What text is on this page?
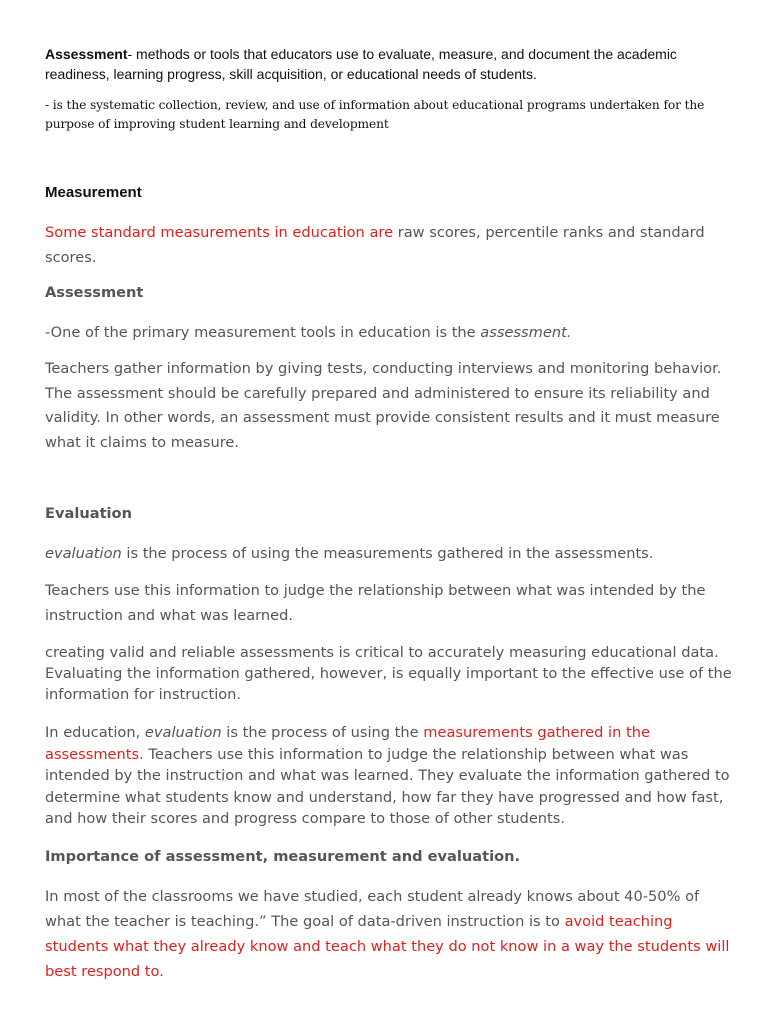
Assessment- methods or tools that educators use to evaluate, measure, and document the academic readiness, learning progress, skill acquisition, or educational needs of students.

- is the systematic collection, review, and use of information about educational programs undertaken for the purpose of improving student learning and development

Measurement

Some standard measurements in education are raw scores, percentile ranks and standard scores.

Assessment

-One of the primary measurement tools in education is the assessment.

Teachers gather information by giving tests, conducting interviews and monitoring behavior. The assessment should be carefully prepared and administered to ensure its reliability and validity. In other words, an assessment must provide consistent results and it must measure what it claims to measure.

Evaluation

evaluation is the process of using the measurements gathered in the assessments.

Teachers use this information to judge the relationship between what was intended by the instruction and what was learned.

creating valid and reliable assessments is critical to accurately measuring educational data. Evaluating the information gathered, however, is equally important to the effective use of the information for instruction.

In education, evaluation is the process of using the measurements gathered in the assessments. Teachers use this information to judge the relationship between what was intended by the instruction and what was learned. They evaluate the information gathered to determine what students know and understand, how far they have progressed and how fast, and how their scores and progress compare to those of other students.

Importance of assessment, measurement and evaluation.

In most of the classrooms we have studied, each student already knows about 40-50% of what the teacher is teaching.” The goal of data-driven instruction is to avoid teaching students what they already know and teach what they do not know in a way the students will best respond to.
